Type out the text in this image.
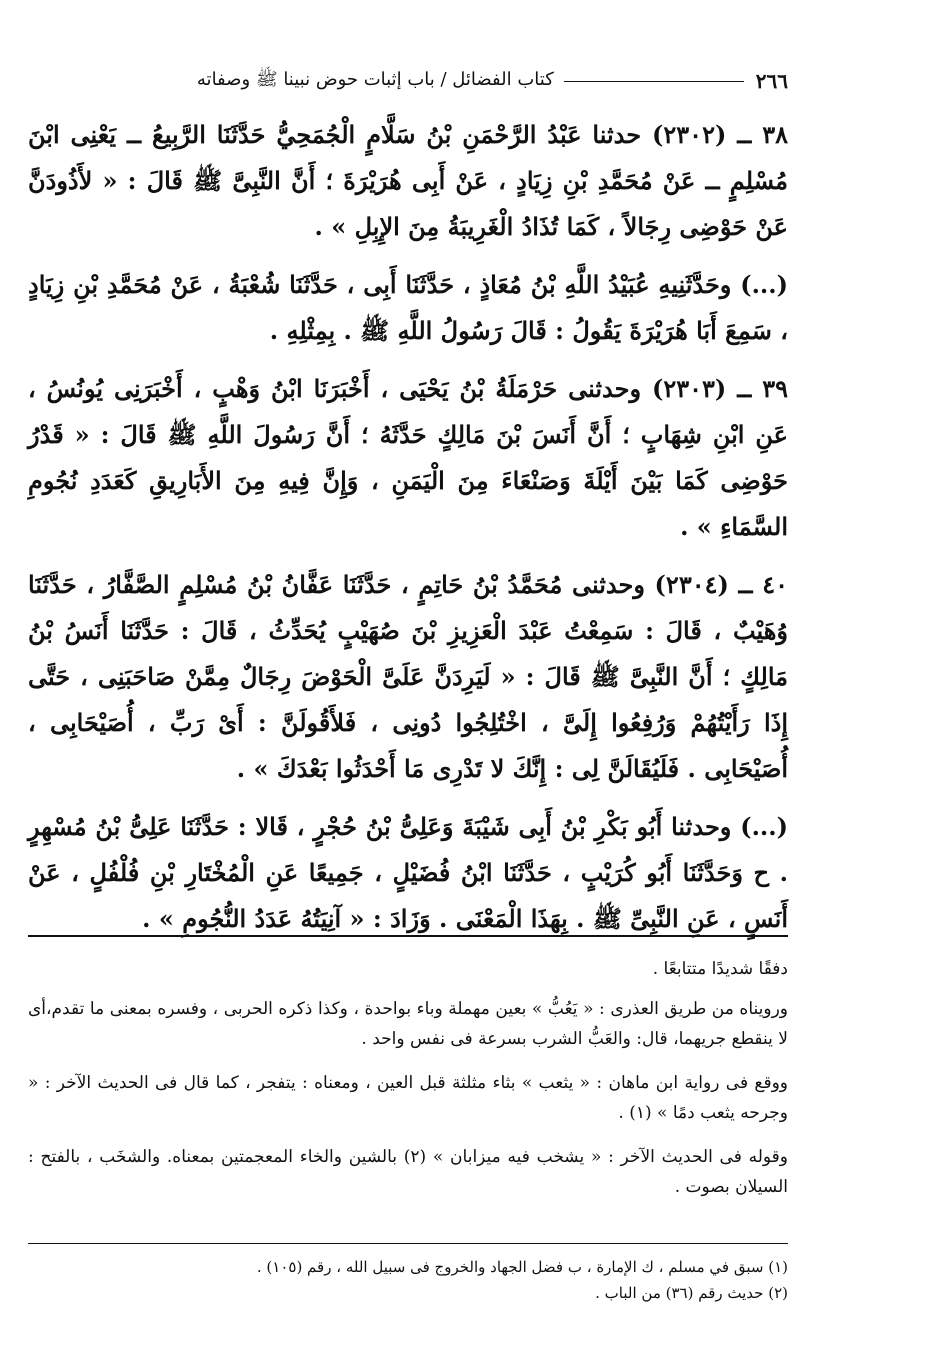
٢٦٦
كتاب الفضائل / باب إثبات حوض نبينا ﷺ وصفاته

٣٨ ــ (٢٣٠٢) حدثنا عَبْدُ الرَّحْمَنِ بْنُ سَلَّامٍ الْجُمَحِيُّ حَدَّثَنَا الرَّبِيعُ ــ يَعْنِى ابْنَ مُسْلِمٍ ــ عَنْ مُحَمَّدِ بْنِ زِيَادٍ ، عَنْ أَبِى هُرَيْرَةَ ؛ أَنَّ النَّبِىَّ ﷺ قَالَ : « لأَذُودَنَّ عَنْ حَوْضِى رِجَالاً ، كَمَا تُذَادُ الْغَرِيبَةُ مِنَ الإِبِلِ » .

(...) وحَدَّثَنِيهِ عُبَيْدُ اللَّهِ بْنُ مُعَاذٍ ، حَدَّثَنَا أَبِى ، حَدَّثَنَا شُعْبَةُ ، عَنْ مُحَمَّدِ بْنِ زِيَادٍ ، سَمِعَ أَبَا هُرَيْرَةَ يَقُولُ : قَالَ رَسُولُ اللَّهِ ﷺ . بِمِثْلِهِ .

٣٩ ــ (٢٣٠٣) وحدثنى حَرْمَلَةُ بْنُ يَحْيَى ، أَخْبَرَنَا ابْنُ وَهْبٍ ، أَخْبَرَنِى يُونُسُ ، عَنِ ابْنِ شِهَابٍ ؛ أَنَّ أَنَسَ بْنَ مَالِكٍ حَدَّثَهُ ؛ أَنَّ رَسُولَ اللَّهِ ﷺ قَالَ : « قَدْرُ حَوْضِى كَمَا بَيْنَ أَيْلَةَ وَصَنْعَاءَ مِنَ الْيَمَنِ ، وَإِنَّ فِيهِ مِنَ الأَبَارِيقِ كَعَدَدِ نُجُومِ السَّمَاءِ » .

٤٠ ــ (٢٣٠٤) وحدثنى مُحَمَّدُ بْنُ حَاتِمٍ ، حَدَّثَنَا عَفَّانُ بْنُ مُسْلِمٍ الصَّفَّارُ ، حَدَّثَنَا وُهَيْبٌ ، قَالَ : سَمِعْتُ عَبْدَ الْعَزِيزِ بْنَ صُهَيْبٍ يُحَدِّثُ ، قَالَ : حَدَّثَنَا أَنَسُ بْنُ مَالِكٍ ؛ أَنَّ النَّبِىَّ ﷺ قَالَ : « لَيَرِدَنَّ عَلَىَّ الْحَوْضَ رِجَالٌ مِمَّنْ صَاحَبَنِى ، حَتَّى إِذَا رَأَيْتُهُمْ وَرُفِعُوا إِلَىَّ ، اخْتُلِجُوا دُونِى ، فَلأَقُولَنَّ : أَىْ رَبِّ ، أُصَيْحَابِى ، أُصَيْحَابِى . فَلَيُقَالَنَّ لِى : إِنَّكَ لا تَدْرِى مَا أَحْدَثُوا بَعْدَكَ » .

(...) وحدثنا أَبُو بَكْرِ بْنُ أَبِى شَيْبَةَ وَعَلِىُّ بْنُ حُجْرٍ ، قَالا : حَدَّثَنَا عَلِىُّ بْنُ مُسْهِرٍ . ح وَحَدَّثَنَا أَبُو كُرَيْبٍ ، حَدَّثَنَا ابْنُ فُضَيْلٍ ، جَمِيعًا عَنِ الْمُخْتَارِ بْنِ فُلْفُلٍ ، عَنْ أَنَسٍ ، عَنِ النَّبِىِّ ﷺ . بِهَذَا الْمَعْنَى . وَزَادَ : « آنِيَتُهُ عَدَدُ النُّجُومِ » .

دفقًا شديدًا متتابعًا .

ورويناه من طريق العذرى : « يَعُبُّ » بعين مهملة وباء بواحدة ، وكذا ذكره الحربى ، وفسره بمعنى ما تقدم،أى لا ينقطع جريهما، قال: والعَبُّ الشرب بسرعة فى نفس واحد .

ووقع فى رواية ابن ماهان : « يثعب » بثاء مثلثة قبل العين ، ومعناه : يتفجر ، كما قال فى الحديث الآخر : « وجرحه يثعب دمًا » (١) .

وقوله فى الحديث الآخر : « يشخب فيه ميزابان » (٢) بالشين والخاء المعجمتين بمعناه. والشخَب ، بالفتح : السيلان بصوت .

(١) سبق في مسلم ، ك الإمارة ، ب فضل الجهاد والخروج فى سبيل الله ، رقم (١٠٥) .

(٢) حديث رقم (٣٦) من الباب .
